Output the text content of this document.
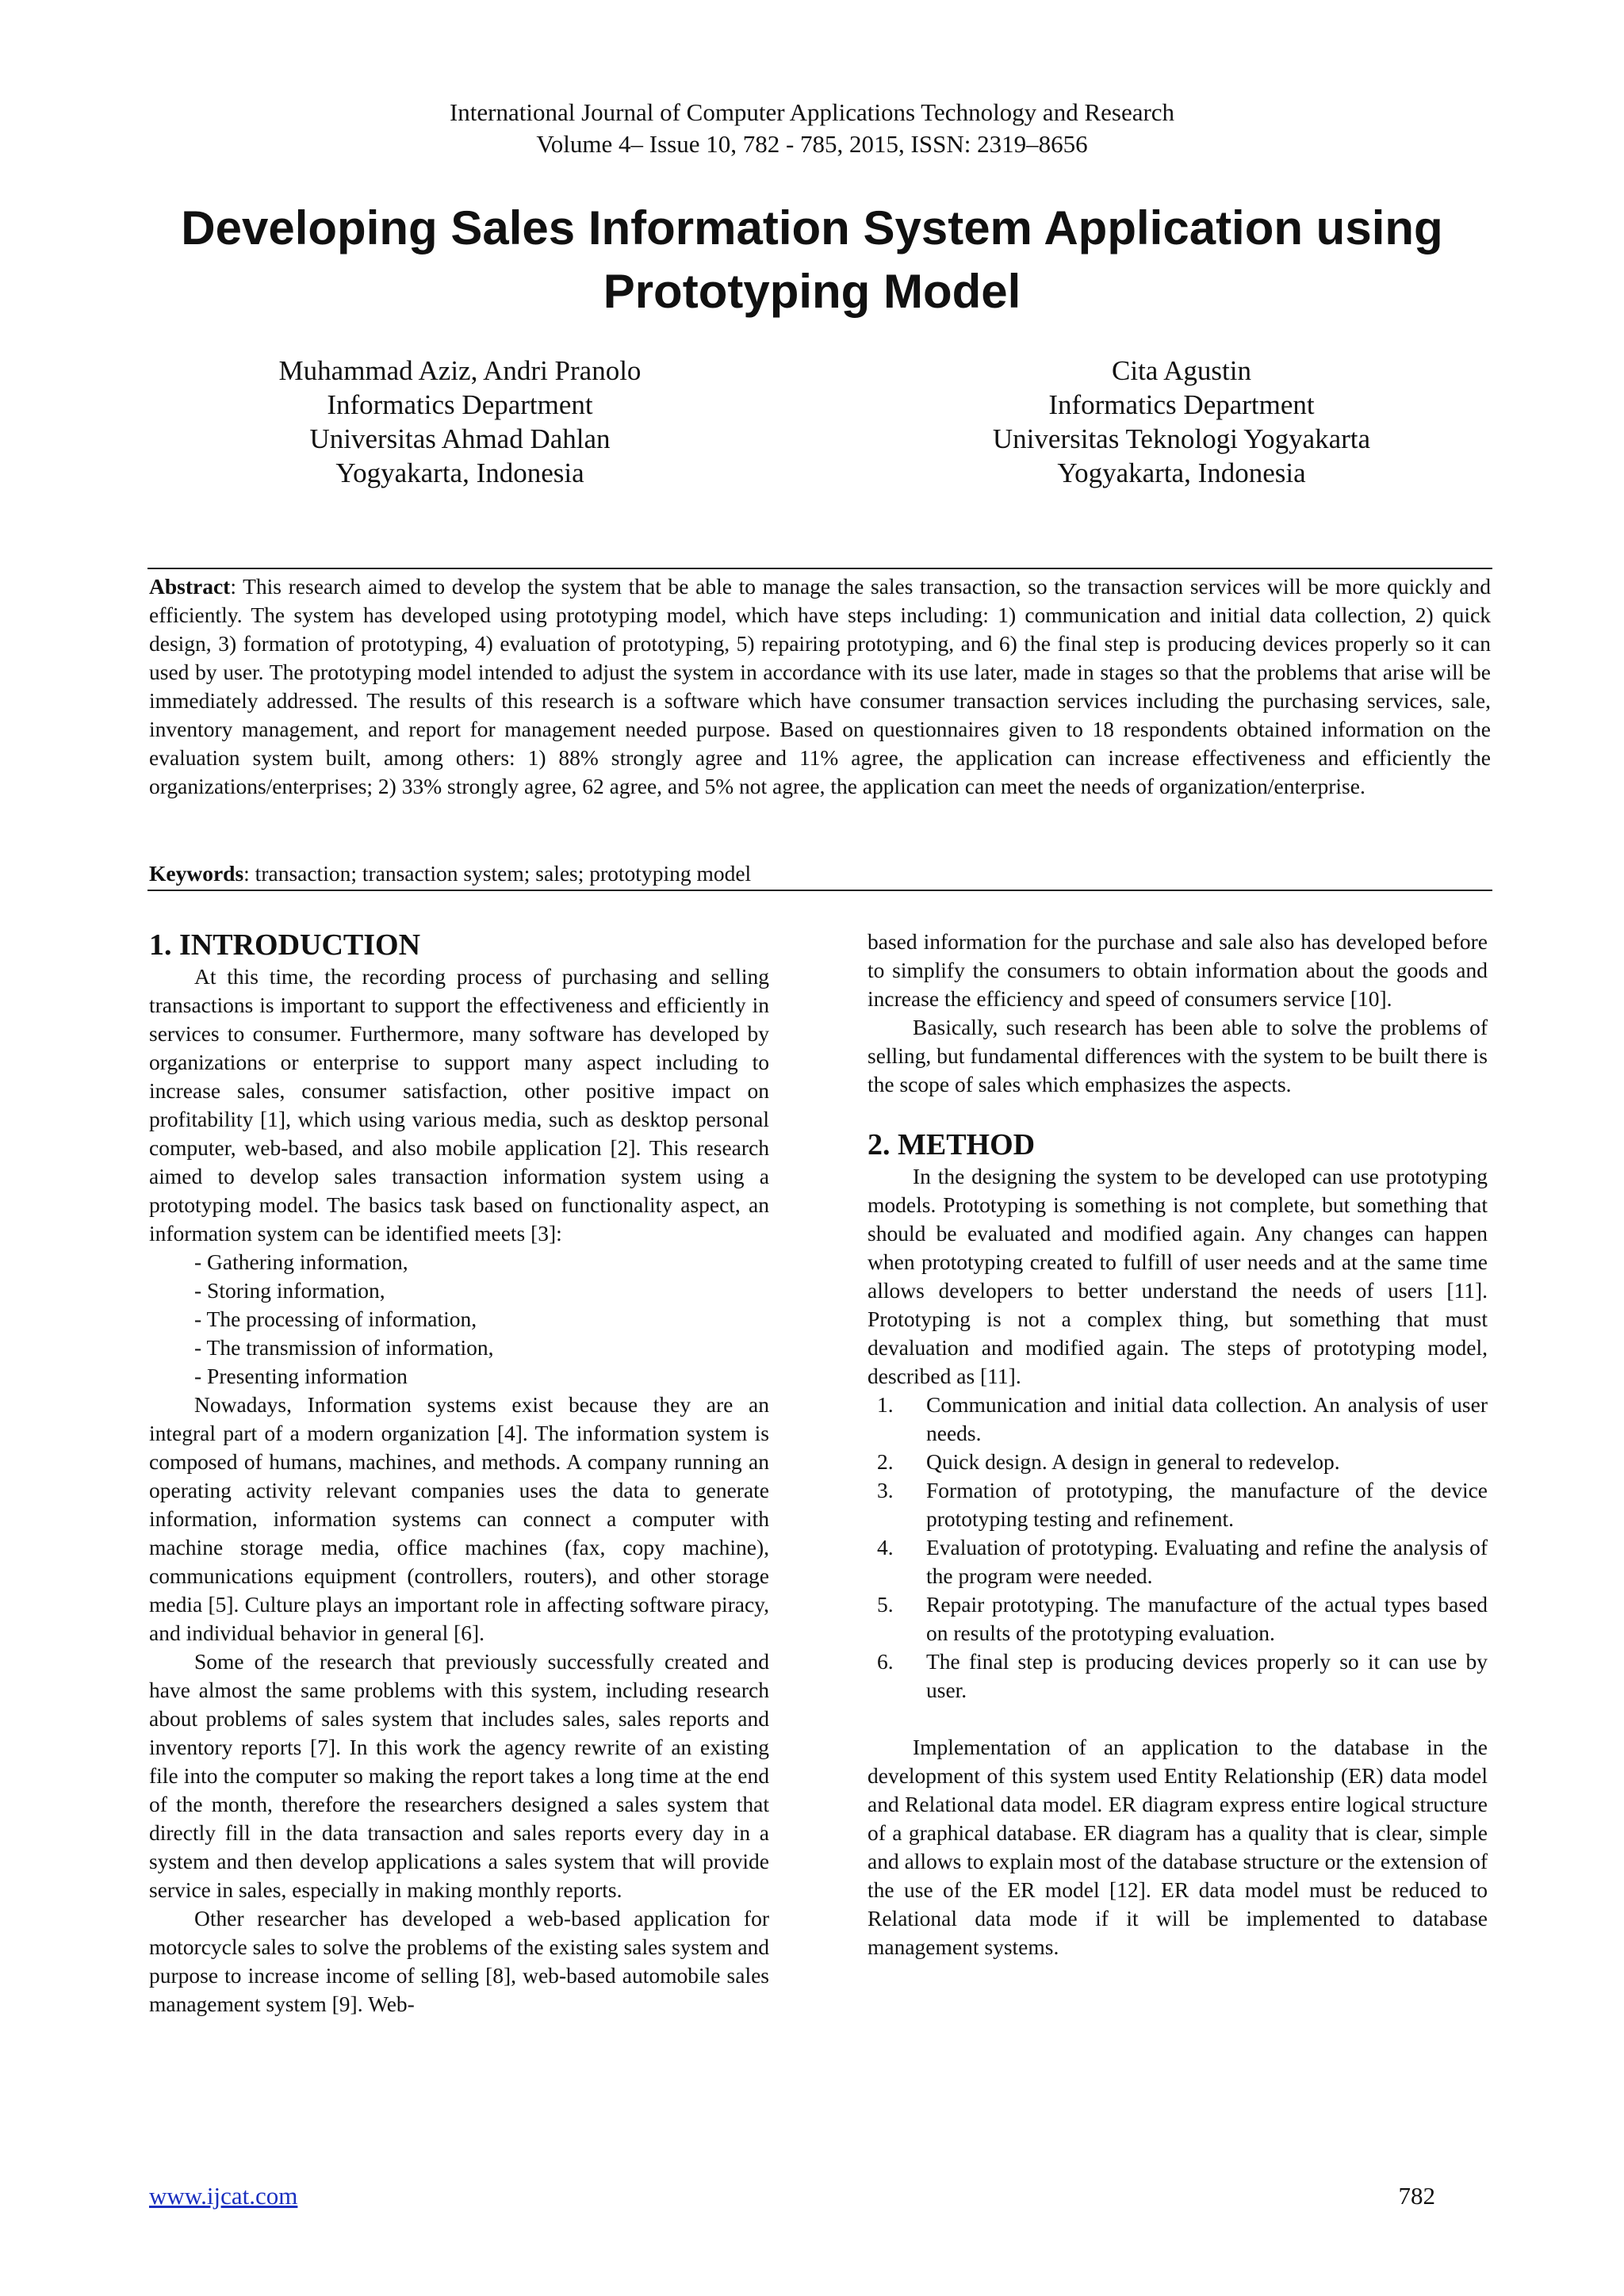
International Journal of Computer Applications Technology and Research
Volume 4– Issue 10, 782 - 785, 2015, ISSN: 2319–8656
Developing Sales Information System Application using Prototyping Model
Muhammad Aziz, Andri Pranolo
Informatics Department
Universitas Ahmad Dahlan
Yogyakarta, Indonesia
Cita Agustin
Informatics Department
Universitas Teknologi Yogyakarta
Yogyakarta, Indonesia
Abstract: This research aimed to develop the system that be able to manage the sales transaction, so the transaction services will be more quickly and efficiently. The system has developed using prototyping model, which have steps including: 1) communication and initial data collection, 2) quick design, 3) formation of prototyping, 4) evaluation of prototyping, 5) repairing prototyping, and 6) the final step is producing devices properly so it can used by user. The prototyping model intended to adjust the system in accordance with its use later, made in stages so that the problems that arise will be immediately addressed. The results of this research is a software which have consumer transaction services including the purchasing services, sale, inventory management, and report for management needed purpose. Based on questionnaires given to 18 respondents obtained information on the evaluation system built, among others: 1) 88% strongly agree and 11% agree, the application can increase effectiveness and efficiently the organizations/enterprises; 2) 33% strongly agree, 62 agree, and 5% not agree, the application can meet the needs of organization/enterprise.
Keywords: transaction; transaction system; sales; prototyping model
1. INTRODUCTION

At this time, the recording process of purchasing and selling transactions is important to support the effectiveness and efficiently in services to consumer. Furthermore, many software has developed by organizations or enterprise to support many aspect including to increase sales, consumer satisfaction, other positive impact on profitability [1], which using various media, such as desktop personal computer, web-based, and also mobile application [2]. This research aimed to develop sales transaction information system using a prototyping model. The basics task based on functionality aspect, an information system can be identified meets [3]:

- Gathering information,
- Storing information,
- The processing of information,
- The transmission of information,
- Presenting information

Nowadays, Information systems exist because they are an integral part of a modern organization [4]. The information system is composed of humans, machines, and methods. A company running an operating activity relevant companies uses the data to generate information, information systems can connect a computer with machine storage media, office machines (fax, copy machine), communications equipment (controllers, routers), and other storage media [5]. Culture plays an important role in affecting software piracy, and individual behavior in general [6].

Some of the research that previously successfully created and have almost the same problems with this system, including research about problems of sales system that includes sales, sales reports and inventory reports [7]. In this work the agency rewrite of an existing file into the computer so making the report takes a long time at the end of the month, therefore the researchers designed a sales system that directly fill in the data transaction and sales reports every day in a system and then develop applications a sales system that will provide service in sales, especially in making monthly reports.

Other researcher has developed a web-based application for motorcycle sales to solve the problems of the existing sales system and purpose to increase income of selling [8], web-based automobile sales management system [9]. Web-

based information for the purchase and sale also has developed before to simplify the consumers to obtain information about the goods and increase the efficiency and speed of consumers service [10].

Basically, such research has been able to solve the problems of selling, but fundamental differences with the system to be built there is the scope of sales which emphasizes the aspects.

2. METHOD

In the designing the system to be developed can use prototyping models. Prototyping is something is not complete, but something that should be evaluated and modified again. Any changes can happen when prototyping created to fulfill of user needs and at the same time allows developers to better understand the needs of users [11]. Prototyping is not a complex thing, but something that must devaluation and modified again. The steps of prototyping model, described as [11].

1. Communication and initial data collection. An analysis of user needs.
2. Quick design. A design in general to redevelop.
3. Formation of prototyping, the manufacture of the device prototyping testing and refinement.
4. Evaluation of prototyping. Evaluating and refine the analysis of the program were needed.
5. Repair prototyping. The manufacture of the actual types based on results of the prototyping evaluation.
6. The final step is producing devices properly so it can use by user.

Implementation of an application to the database in the development of this system used Entity Relationship (ER) data model and Relational data model. ER diagram express entire logical structure of a graphical database. ER diagram has a quality that is clear, simple and allows to explain most of the database structure or the extension of the use of the ER model [12]. ER data model must be reduced to Relational data mode if it will be implemented to database management systems.

www.ijcat.com	782
